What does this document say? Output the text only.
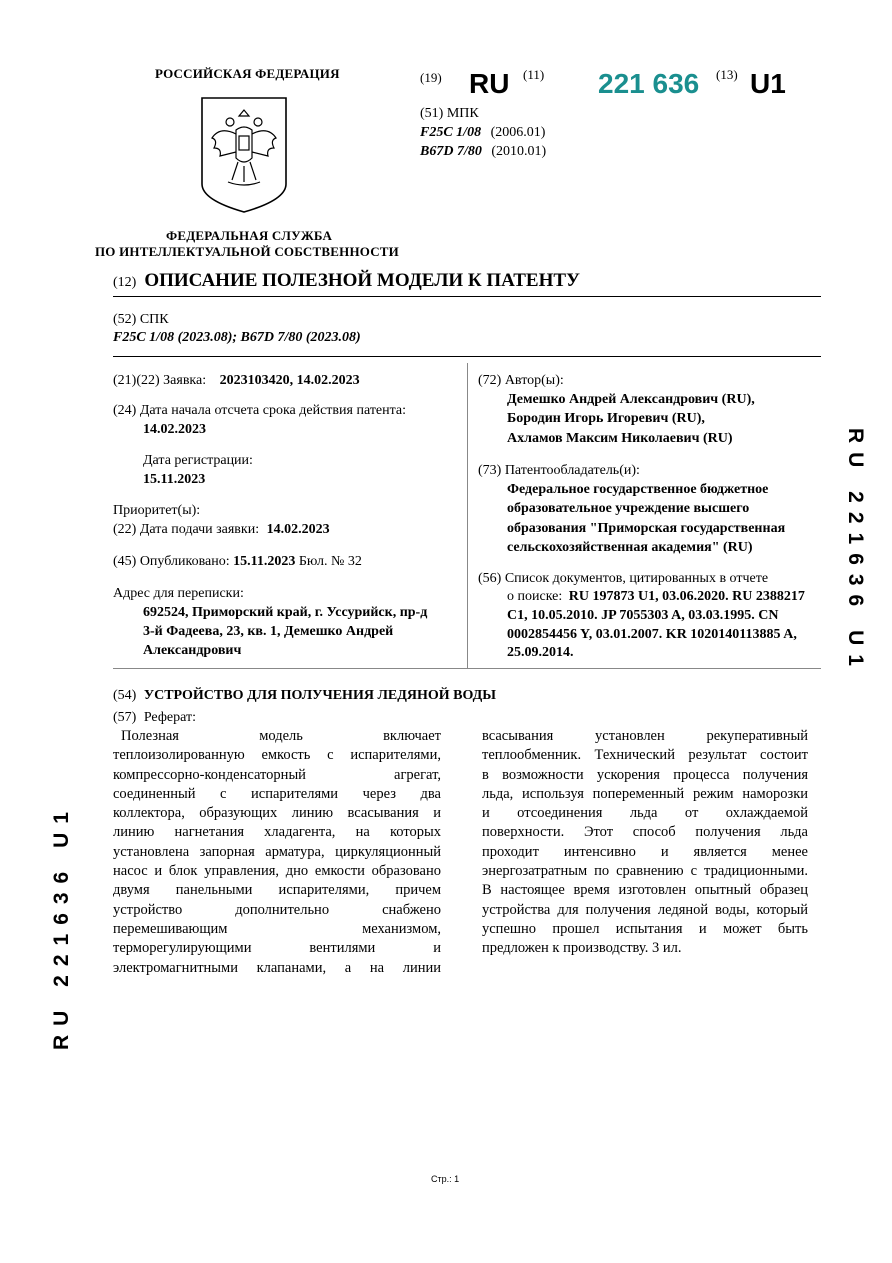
РОССИЙСКАЯ ФЕДЕРАЦИЯ
ФЕДЕРАЛЬНАЯ СЛУЖБА
ПО ИНТЕЛЛЕКТУАЛЬНОЙ СОБСТВЕННОСТИ
(19) RU (11) 221 636 (13) U1
(51) МПК
F25C 1/08 (2006.01)
B67D 7/80 (2010.01)
(12) ОПИСАНИЕ ПОЛЕЗНОЙ МОДЕЛИ К ПАТЕНТУ
(52) СПК
F25C 1/08 (2023.08); B67D 7/80 (2023.08)
(21)(22) Заявка: 2023103420, 14.02.2023
(24) Дата начала отсчета срока действия патента:
14.02.2023
Дата регистрации:
15.11.2023
Приоритет(ы):
(22) Дата подачи заявки: 14.02.2023
(45) Опубликовано: 15.11.2023 Бюл. № 32
Адрес для переписки:
692524, Приморский край, г. Уссурийск, пр-д
3-й Фадеева, 23, кв. 1, Демешко Андрей
Александрович
(72) Автор(ы):
Демешко Андрей Александрович (RU),
Бородин Игорь Игоревич (RU),
Ахламов Максим Николаевич (RU)
(73) Патентообладатель(и):
Федеральное государственное бюджетное
образовательное учреждение высшего
образования "Приморская государственная
сельскохозяйственная академия" (RU)
(56) Список документов, цитированных в отчете
о поиске: RU 197873 U1, 03.06.2020. RU 2388217
C1, 10.05.2010. JP 7055303 A, 03.03.1995. CN
0002854456 Y, 03.01.2007. KR 1020140113885 A,
25.09.2014.
(54) УСТРОЙСТВО ДЛЯ ПОЛУЧЕНИЯ ЛЕДЯНОЙ ВОДЫ
(57) Реферат:
Полезная модель включает
теплоизолированную емкость с испарителями,
компрессорно-конденсаторный агрегат,
соединенный с испарителями через два
коллектора, образующих линию всасывания и
линию нагнетания хладагента, на которых
установлена запорная арматура, циркуляционный
насос и блок управления, дно емкости образовано
двумя панельными испарителями, причем
устройство дополнительно снабжено
перемешивающим механизмом,
терморегулирующими вентилями и
электромагнитными клапанами, а на линии
всасывания установлен рекуперативный
теплообменник. Технический результат состоит
в возможности ускорения процесса получения
льда, используя попеременный режим наморозки
и отсоединения льда от охлаждаемой
поверхности. Этот способ получения льда
проходит интенсивно и является менее
энергозатратным по сравнению с традиционными.
В настоящее время изготовлен опытный образец
устройства для получения ледяной воды, который
успешно прошел испытания и может быть
предложен к производству. 3 ил.
RU 221636 U1
RU 221636 U1
Стр.: 1
